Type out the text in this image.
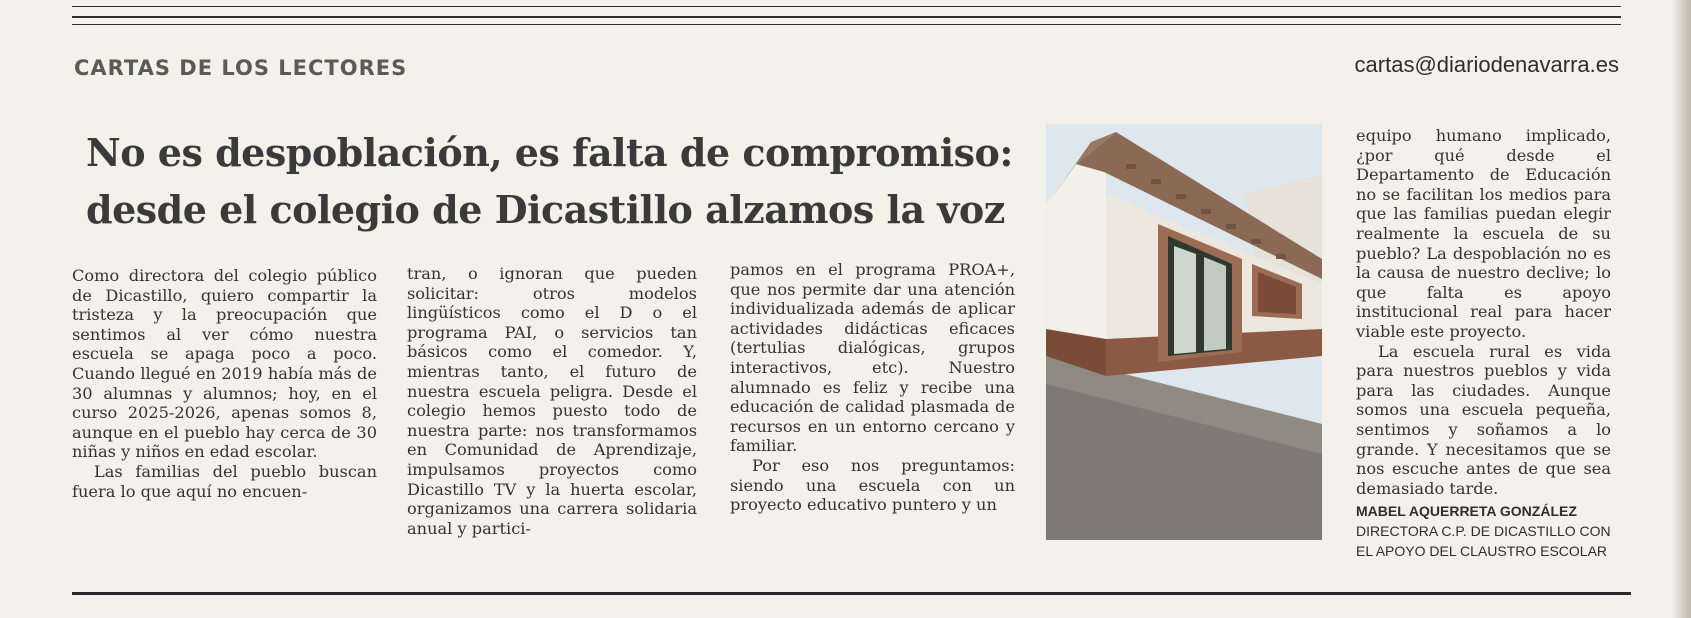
CARTAS DE LOS LECTORES	cartas@diariodenavarra.es
No es despoblación, es falta de compromiso:
desde el colegio de Dicastillo alzamos la voz

Como directora del colegio público de Dicastillo, quiero compartir la tristeza y la preocupación que sentimos al ver cómo nuestra escuela se apaga poco a poco. Cuando llegué en 2019 había más de 30 alumnas y alumnos; hoy, en el curso 2025-2026, apenas somos 8, aunque en el pueblo hay cerca de 30 niñas y niños en edad escolar.

Las familias del pueblo buscan fuera lo que aquí no encuen-

tran, o ignoran que pueden solicitar: otros modelos lingüísticos como el D o el programa PAI, o servicios tan básicos como el comedor. Y, mientras tanto, el futuro de nuestra escuela peligra. Desde el colegio hemos puesto todo de nuestra parte: nos transformamos en Comunidad de Aprendizaje, impulsamos proyectos como Dicastillo TV y la huerta escolar, organizamos una carrera solidaria anual y partici-

pamos en el programa PROA+, que nos permite dar una atención individualizada además de aplicar actividades didácticas eficaces (tertulias dialógicas, grupos interactivos, etc). Nuestro alumnado es feliz y recibe una educación de calidad plasmada de recursos en un entorno cercano y familiar.

Por eso nos preguntamos: siendo una escuela con un proyecto educativo puntero y un

equipo humano implicado, ¿por qué desde el Departamento de Educación no se facilitan los medios para que las familias puedan elegir realmente la escuela de su pueblo? La despoblación no es la causa de nuestro declive; lo que falta es apoyo institucional real para hacer viable este proyecto.

La escuela rural es vida para nuestros pueblos y vida para las ciudades. Aunque somos una escuela pequeña, sentimos y soñamos a lo grande. Y necesitamos que se nos escuche antes de que sea demasiado tarde.

MABEL AQUERRETA GONZÁLEZ DIRECTORA C.P. DE DICASTILLO CON EL APOYO DEL CLAUSTRO ESCOLAR
